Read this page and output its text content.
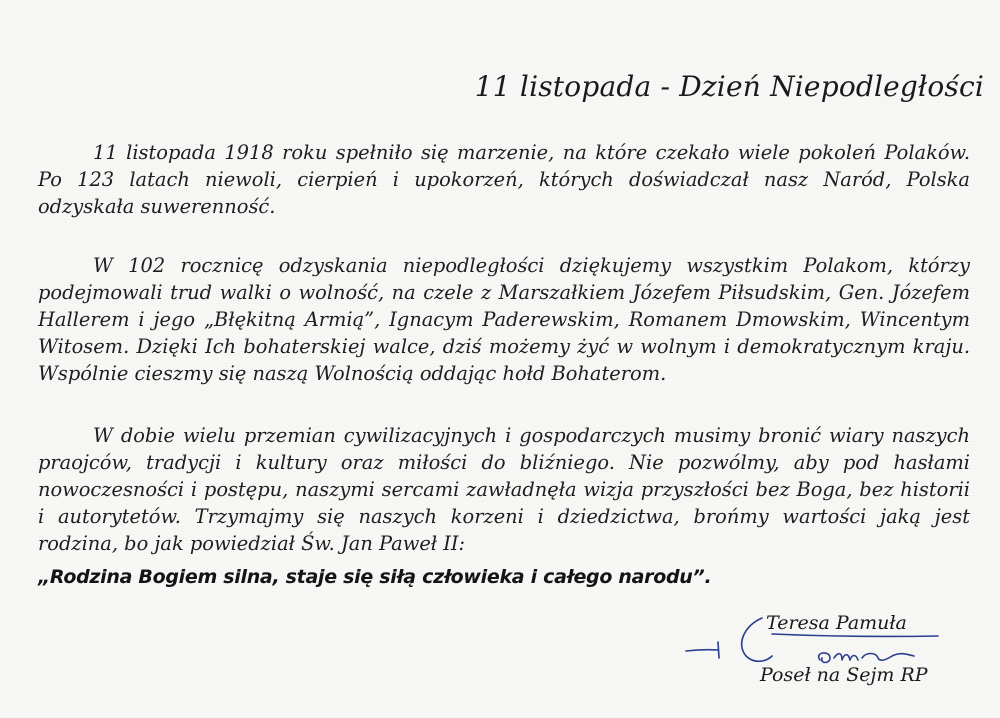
11 listopada - Dzień Niepodległości

11 listopada 1918 roku spełniło się marzenie, na które czekało wiele pokoleń Polaków. Po 123 latach niewoli, cierpień i upokorzeń, których doświadczał nasz Naród, Polska odzyskała suwerenność.

W 102 rocznicę odzyskania niepodległości dziękujemy wszystkim Polakom, którzy podejmowali trud walki o wolność, na czele z Marszałkiem Józefem Piłsudskim, Gen. Józefem Hallerem i jego „Błękitną Armią”, Ignacym Paderewskim, Romanem Dmowskim, Wincentym Witosem. Dzięki Ich bohaterskiej walce, dziś możemy żyć w wolnym i demokratycznym kraju. Wspólnie cieszmy się naszą Wolnością oddając hołd Bohaterom.

W dobie wielu przemian cywilizacyjnych i gospodarczych musimy bronić wiary naszych praojców, tradycji i kultury oraz miłości do bliźniego. Nie pozwólmy, aby pod hasłami nowoczesności i postępu, naszymi sercami zawładnęła wizja przyszłości bez Boga, bez historii i autorytetów. Trzymajmy się naszych korzeni i dziedzictwa, brońmy wartości jaką jest rodzina, bo jak powiedział Św. Jan Paweł II:

„Rodzina Bogiem silna, staje się siłą człowieka i całego narodu”.

Teresa Pamuła

Poseł na Sejm RP
